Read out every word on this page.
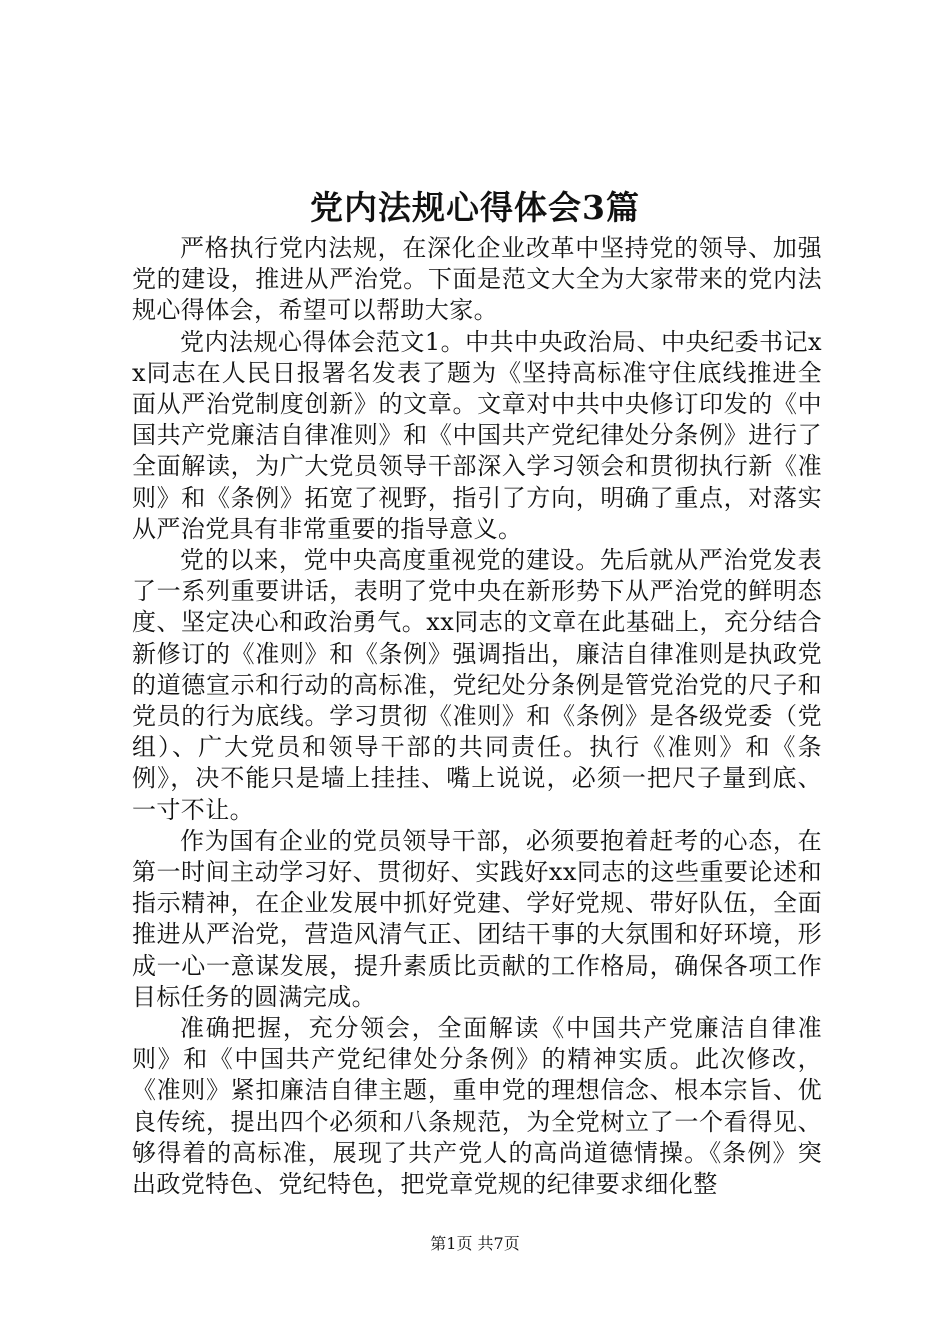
党内法规心得体会3篇

严格执行党内法规，在深化企业改革中坚持党的领导、加强党的建设，推进从严治党。下面是范文大全为大家带来的党内法规心得体会，希望可以帮助大家。

党内法规心得体会范文1。中共中央政治局、中央纪委书记xx同志在人民日报署名发表了题为《坚持高标准守住底线推进全面从严治党制度创新》的文章。文章对中共中央修订印发的《中国共产党廉洁自律准则》和《中国共产党纪律处分条例》进行了全面解读，为广大党员领导干部深入学习领会和贯彻执行新《准则》和《条例》拓宽了视野，指引了方向，明确了重点，对落实从严治党具有非常重要的指导意义。

党的以来，党中央高度重视党的建设。先后就从严治党发表了一系列重要讲话，表明了党中央在新形势下从严治党的鲜明态度、坚定决心和政治勇气。xx同志的文章在此基础上，充分结合新修订的《准则》和《条例》强调指出，廉洁自律准则是执政党的道德宣示和行动的高标准，党纪处分条例是管党治党的尺子和党员的行为底线。学习贯彻《准则》和《条例》是各级党委（党组）、广大党员和领导干部的共同责任。执行《准则》和《条例》，决不能只是墙上挂挂、嘴上说说，必须一把尺子量到底、一寸不让。

作为国有企业的党员领导干部，必须要抱着赶考的心态，在第一时间主动学习好、贯彻好、实践好xx同志的这些重要论述和指示精神，在企业发展中抓好党建、学好党规、带好队伍，全面推进从严治党，营造风清气正、团结干事的大氛围和好环境，形成一心一意谋发展，提升素质比贡献的工作格局，确保各项工作目标任务的圆满完成。

准确把握，充分领会，全面解读《中国共产党廉洁自律准则》和《中国共产党纪律处分条例》的精神实质。此次修改，《准则》紧扣廉洁自律主题，重申党的理想信念、根本宗旨、优良传统，提出四个必须和八条规范，为全党树立了一个看得见、够得着的高标准，展现了共产党人的高尚道德情操。《条例》突出政党特色、党纪特色，把党章党规的纪律要求细化整

第1页 共7页
